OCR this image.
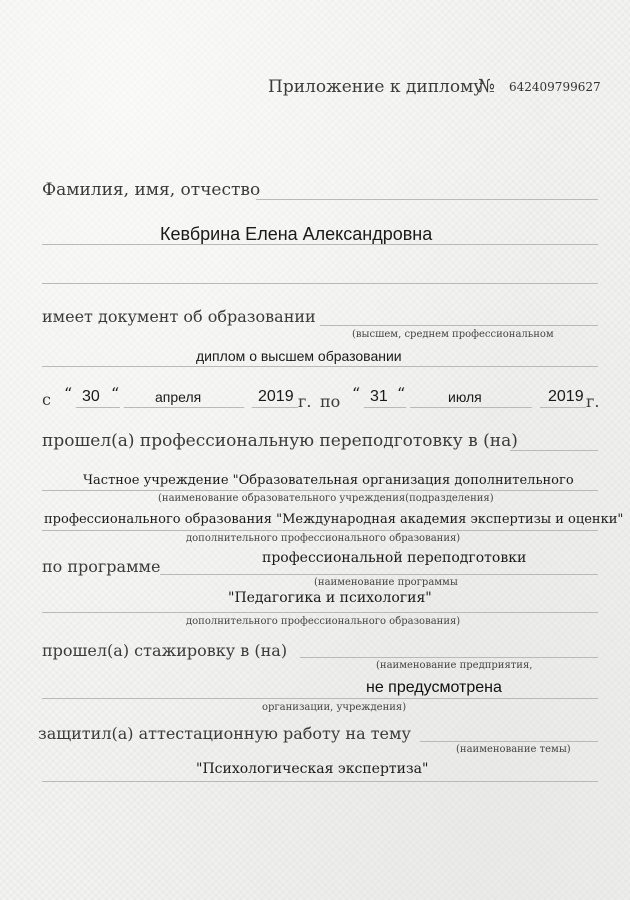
Приложение к диплому
№ 642409799627
Фамилия, имя, отчество
Кевбрина Елена Александровна
имеет документ об образовании
(высшем, среднем профессиональном
диплом о высшем образовании
с “ 30 “	апреля	2019 г. по “ 31 “	июля	2019 г.
прошел(а) профессиональную переподготовку в (на)
Частное учреждение "Образовательная организация дополнительного
(наименование образовательного учреждения(подразделения)
профессионального образования "Международная академия экспертизы и оценки"
дополнительного профессионального образования)
по программе	профессиональной переподготовки
(наименование программы
"Педагогика и психология"
дополнительного профессионального образования)
прошел(а) стажировку в (на)
(наименование предприятия,
не предусмотрена
организации, учреждения)
защитил(а) аттестационную работу на тему
(наименование темы)
"Психологическая экспертиза"
